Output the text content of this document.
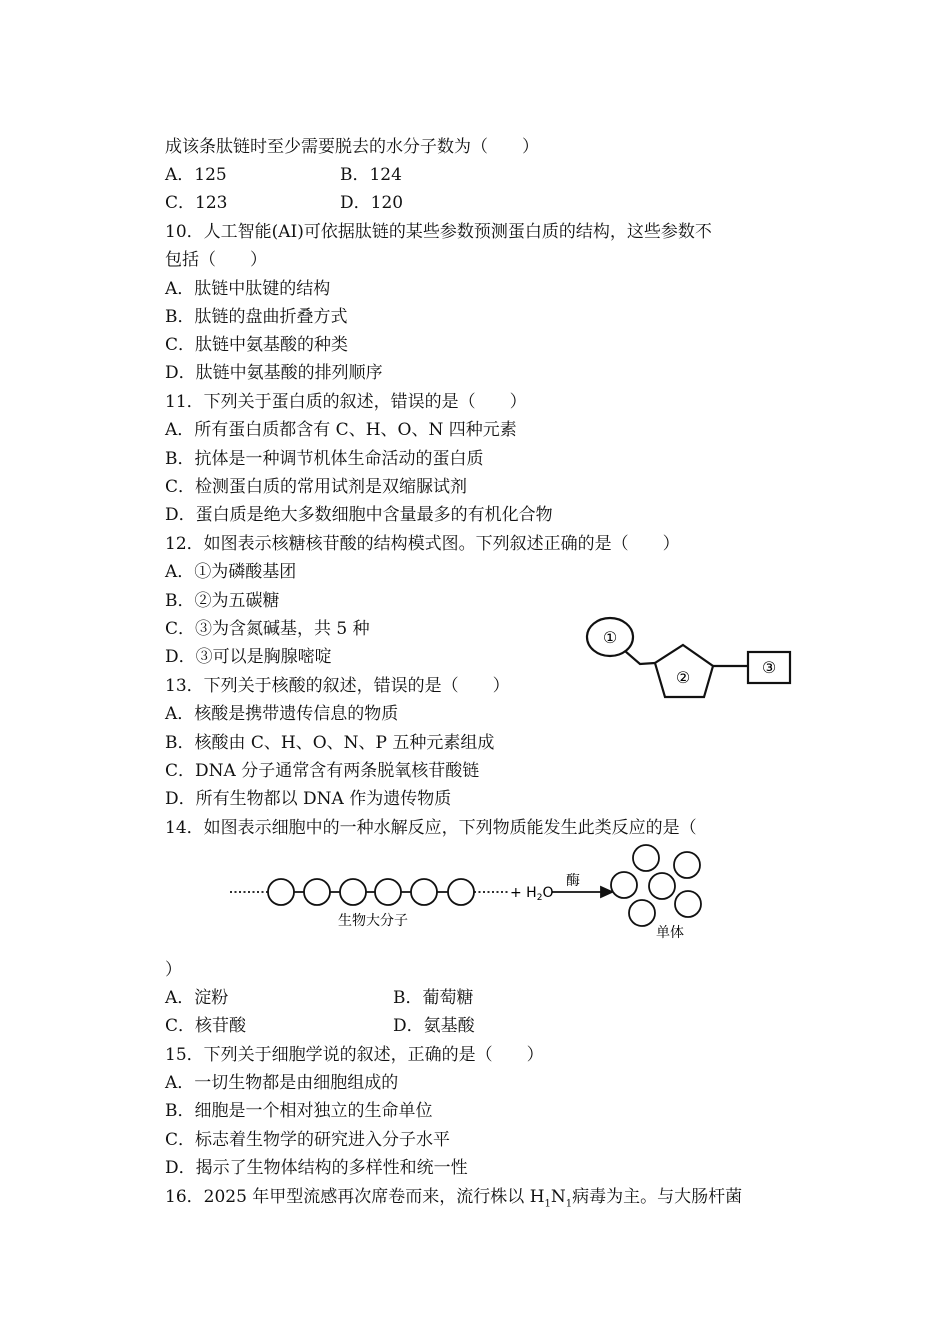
成该条肽链时至少需要脱去的水分子数为（　　）
A．125	B．124
C．123	D．120
10．人工智能(AI)可依据肽链的某些参数预测蛋白质的结构，这些参数不
包括（　　）
A．肽链中肽键的结构
B．肽链的盘曲折叠方式
C．肽链中氨基酸的种类
D．肽链中氨基酸的排列顺序
11．下列关于蛋白质的叙述，错误的是（　　）
A．所有蛋白质都含有 C、H、O、N 四种元素
B．抗体是一种调节机体生命活动的蛋白质
C．检测蛋白质的常用试剂是双缩脲试剂
D．蛋白质是绝大多数细胞中含量最多的有机化合物
12．如图表示核糖核苷酸的结构模式图。下列叙述正确的是（　　）
A．①为磷酸基团
B．②为五碳糖
C．③为含氮碱基，共 5 种
D．③可以是胸腺嘧啶
①
②
③
+ $H_2O$
酶
生物大分子
单体
13．下列关于核酸的叙述，错误的是（　　）
A．核酸是携带遗传信息的物质
B．核酸由 C、H、O、N、P 五种元素组成
C．DNA 分子通常含有两条脱氧核苷酸链
D．所有生物都以 DNA 作为遗传物质
14．如图表示细胞中的一种水解反应，下列物质能发生此类反应的是（
）
A．淀粉	B．葡萄糖
C．核苷酸	D．氨基酸
15．下列关于细胞学说的叙述，正确的是（　　）
A．一切生物都是由细胞组成的
B．细胞是一个相对独立的生命单位
C．标志着生物学的研究进入分子水平
D．揭示了生物体结构的多样性和统一性
16．2025 年甲型流感再次席卷而来，流行株以 $H_1N_1$病毒为主。与大肠杆菌
